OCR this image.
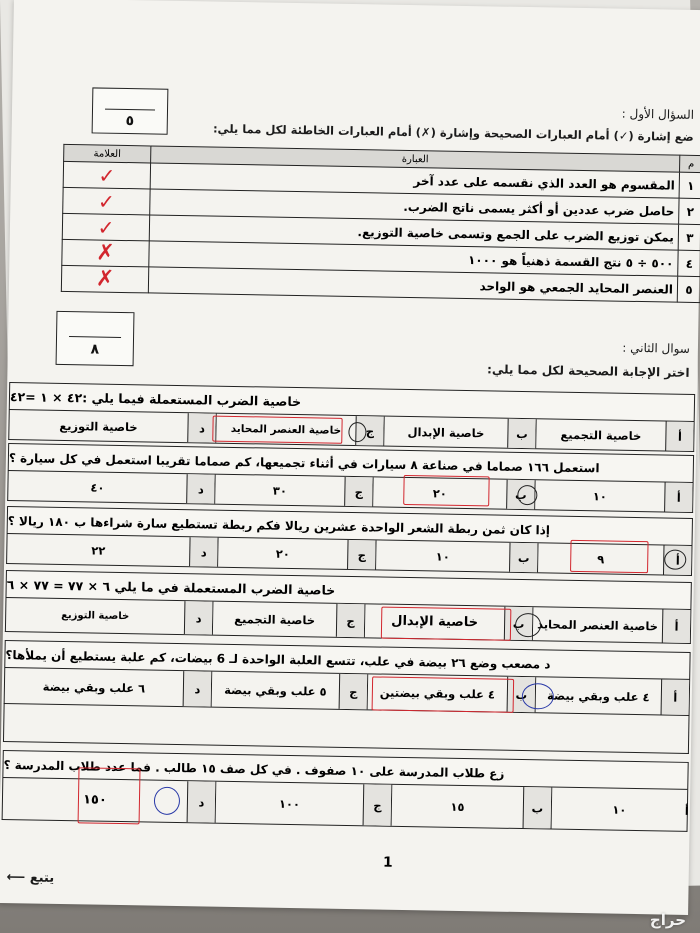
٥	السؤال الأول :
ضع إشارة (✓) أمام العبارات الصحيحة وإشارة (✗) أمام العبارات الخاطئة لكل مما يلي:
م	العبارة	العلامة
١	المقسوم هو العدد الذي نقسمه على عدد آخر	✓
٢	حاصل ضرب عددين أو أكثر يسمى ناتج الضرب.	✓
٣	يمكن توزيع الضرب على الجمع وتسمى خاصية التوزيع.	✓
٤	٥٠٠ ÷ ٥ نتج القسمة ذهنياً هو ١٠٠٠	✗
٥	العنصر المحايد الجمعي هو الواحد	✗
٨	سوال الثاني :
اختر الإجابة الصحيحة لكل مما يلي:
خاصية الضرب المستعملة فيما يلي :٤٢ × ١ =٤٢
أ
خاصية التجميع
ب
خاصية الإبدال
ج
خاصية العنصر المحايد
د
خاصية التوزيع
استعمل ١٦٦ صماما في صناعة ٨ سيارات في أثناء تجميعها، كم صماما تقريبا استعمل في كل سيارة ؟
أ
١٠
ب
٢٠
ج
٣٠
د
٤٠
إذا كان ثمن ربطة الشعر الواحدة عشرين ريالا فكم ربطة تستطيع سارة شراءها ب ١٨٠ ريالا ؟
أ
٩
ب
١٠
ج
٢٠
د
٢٢
خاصية الضرب المستعملة في ما يلي ٦ × ٧٧ = ٧٧ × ٦
أ
خاصية العنصر المحايد
ب
خاصية الإبدال
ج
خاصية التجميع
د
خاصية التوزيع
د مصعب وضع ٢٦ بيضة في علب، تتسع العلبة الواحدة لـ 6 بيضات، كم علبة يستطيع أن يملأها؟
أ
٤ علب وبقي بيضة
ب
٤ علب وبقي بيضتين
ج
٥ علب وبقي بيضة
د
٦ علب وبقي بيضة
زع طلاب المدرسة على ١٠ صفوف . في كل صف ١٥ طالب . فما عدد طلاب المدرسة ؟
أ
١٠
ب
١٥
ج
١٠٠
د
١٥٠
1
يتبع ⟵
حراج
